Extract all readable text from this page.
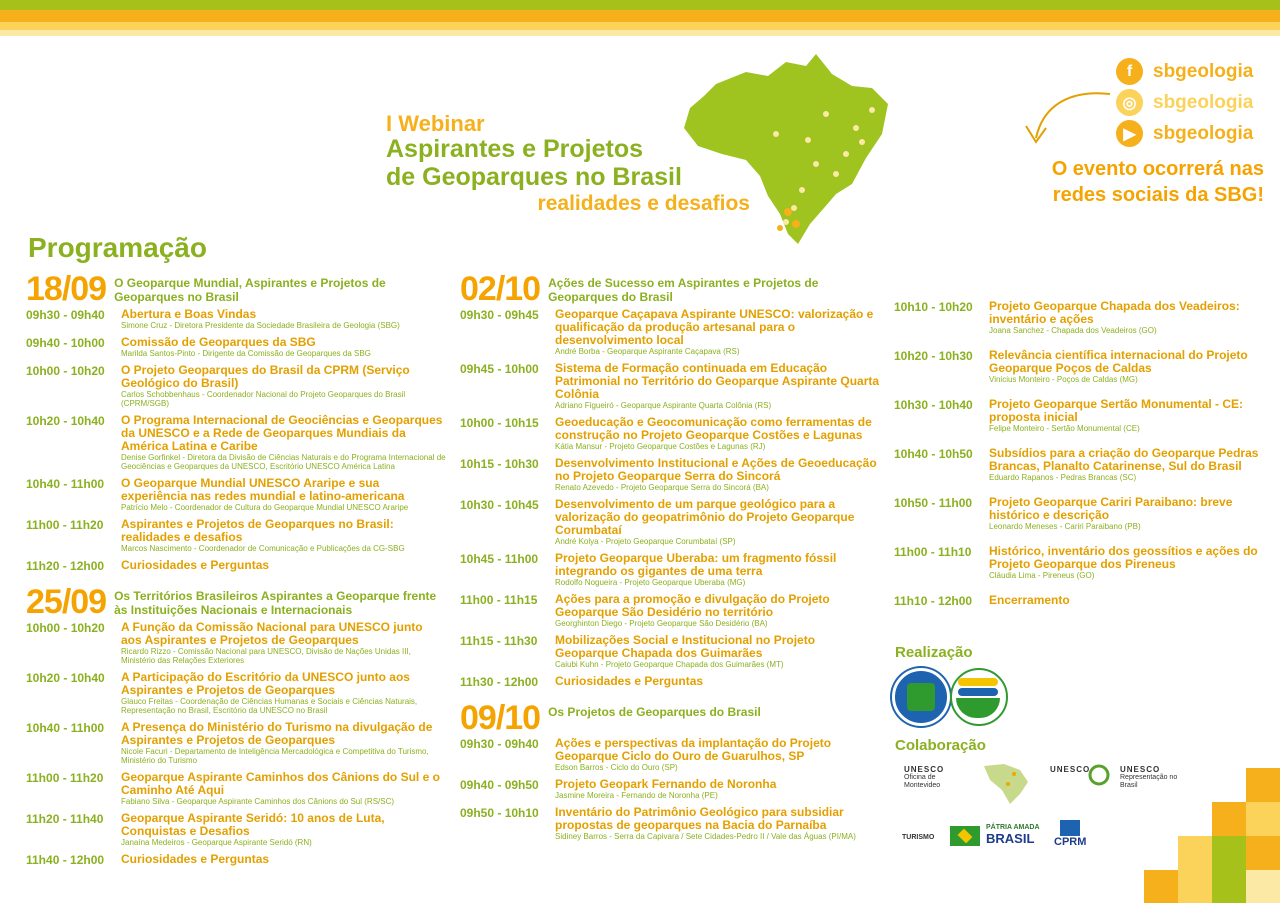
I Webinar
Aspirantes e Projetos
de Geoparques no Brasil
realidades e desafios
f	sbgeologia
◎ sbgeologia
▶ sbgeologia
O evento ocorrerá nas
redes sociais da SBG!
Programação
18/09 O Geoparque Mundial, Aspirantes e Projetos de Geoparques no Brasil
09h30 - 09h40	Abertura e Boas Vindas
Simone Cruz - Diretora Presidente da Sociedade Brasileira de Geologia (SBG)
09h40 - 10h00	Comissão de Geoparques da SBG
Marilda Santos-Pinto - Dirigente da Comissão de Geoparques da SBG
10h00 - 10h20	O Projeto Geoparques do Brasil da CPRM (Serviço Geológico do Brasil)
Carlos Schobbenhaus - Coordenador Nacional do Projeto Geoparques do Brasil (CPRM/SGB)
10h20 - 10h40	O Programa Internacional de Geociências e Geoparques da UNESCO e a Rede de Geoparques Mundiais da América Latina e Caribe
Denise Gorfinkel - Diretora da Divisão de Ciências Naturais e do Programa Internacional de Geociências e Geoparques da UNESCO, Escritório UNESCO América Latina
10h40 - 11h00	O Geoparque Mundial UNESCO Araripe e sua experiência nas redes mundial e latino-americana
Patrício Melo - Coordenador de Cultura do Geoparque Mundial UNESCO Araripe
11h00 - 11h20	Aspirantes e Projetos de Geoparques no Brasil: realidades e desafios
Marcos Nascimento - Coordenador de Comunicação e Publicações da CG-SBG
11h20 - 12h00	Curiosidades e Perguntas
25/09 Os Territórios Brasileiros Aspirantes a Geoparque frente às Instituições Nacionais e Internacionais
10h00 - 10h20	A Função da Comissão Nacional para UNESCO junto aos Aspirantes e Projetos de Geoparques
Ricardo Rizzo - Comissão Nacional para UNESCO, Divisão de Nações Unidas III, Ministério das Relações Exteriores
10h20 - 10h40	A Participação do Escritório da UNESCO junto aos Aspirantes e Projetos de Geoparques
Glauco Freitas - Coordenação de Ciências Humanas e Sociais e Ciências Naturais, Representação no Brasil, Escritório da UNESCO no Brasil
10h40 - 11h00	A Presença do Ministério do Turismo na divulgação de Aspirantes e Projetos de Geoparques
Nicole Facuri - Departamento de Inteligência Mercadológica e Competitiva do Turismo, Ministério do Turismo
11h00 - 11h20	Geoparque Aspirante Caminhos dos Cânions do Sul e o Caminho Até Aqui
Fabiano Silva - Geoparque Aspirante Caminhos dos Cânions do Sul (RS/SC)
11h20 - 11h40	Geoparque Aspirante Seridó: 10 anos de Luta, Conquistas e Desafios
Janaína Medeiros - Geoparque Aspirante Seridó (RN)
11h40 - 12h00	Curiosidades e Perguntas
02/10 Ações de Sucesso em Aspirantes e Projetos de Geoparques do Brasil
09h30 - 09h45	Geoparque Caçapava Aspirante UNESCO: valorização e qualificação da produção artesanal para o desenvolvimento local
André Borba - Geoparque Aspirante Caçapava (RS)
09h45 - 10h00	Sistema de Formação continuada em Educação Patrimonial no Território do Geoparque Aspirante Quarta Colônia
Adriano Figueiró - Geoparque Aspirante Quarta Colônia (RS)
10h00 - 10h15	Geoeducação e Geocomunicação como ferramentas de construção no Projeto Geoparque Costões e Lagunas
Kátia Mansur - Projeto Geoparque Costões e Lagunas (RJ)
10h15 - 10h30	Desenvolvimento Institucional e Ações de Geoeducação no Projeto Geoparque Serra do Sincorá
Renato Azevedo - Projeto Geoparque Serra do Sincorá (BA)
10h30 - 10h45	Desenvolvimento de um parque geológico para a valorização do geopatrimônio do Projeto Geoparque Corumbataí
André Kolya - Projeto Geoparque Corumbataí (SP)
10h45 - 11h00	Projeto Geoparque Uberaba: um fragmento fóssil integrando os gigantes de uma terra
Rodolfo Nogueira - Projeto Geoparque Uberaba (MG)
11h00 - 11h15	Ações para a promoção e divulgação do Projeto Geoparque São Desidério no território
Georghinton Diego - Projeto Geoparque São Desidério (BA)
11h15 - 11h30	Mobilizações Social e Institucional no Projeto Geoparque Chapada dos Guimarães
Caiubi Kuhn - Projeto Geoparque Chapada dos Guimarães (MT)
11h30 - 12h00	Curiosidades e Perguntas
09/10 Os Projetos de Geoparques do Brasil
09h30 - 09h40	Ações e perspectivas da implantação do Projeto Geoparque Ciclo do Ouro de Guarulhos, SP
Edson Barros - Ciclo do Ouro (SP)
09h40 - 09h50	Projeto Geopark Fernando de Noronha
Jasmine Moreira - Fernando de Noronha (PE)
09h50 - 10h10	Inventário do Patrimônio Geológico para subsidiar propostas de geoparques na Bacia do Parnaíba
Sidiney Barros - Serra da Capivara / Sete Cidades-Pedro II / Vale das Águas (PI/MA)
10h10 - 10h20	Projeto Geoparque Chapada dos Veadeiros: inventário e ações
Joana Sanchez - Chapada dos Veadeiros (GO)
10h20 - 10h30	Relevância científica internacional do Projeto Geoparque Poços de Caldas
Vinicius Monteiro - Poços de Caldas (MG)
10h30 - 10h40	Projeto Geoparque Sertão Monumental - CE: proposta inicial
Felipe Monteiro - Sertão Monumental (CE)
10h40 - 10h50	Subsídios para a criação do Geoparque Pedras Brancas, Planalto Catarinense, Sul do Brasil
Eduardo Rapanos - Pedras Brancas (SC)
10h50 - 11h00	Projeto Geoparque Cariri Paraibano: breve histórico e descrição
Leonardo Meneses - Cariri Paraibano (PB)
11h00 - 11h10	Histórico, inventário dos geossítios e ações do Projeto Geoparque dos Pireneus
Cláudia Lima - Pireneus (GO)
11h10 - 12h00	Encerramento
Realização
Colaboração
UNESCO
Oficina de Montevideo
UNESCO	UNESCO
Representação no Brasil
TURISMO
PÁTRIA AMADA
BRASIL	CPRM
